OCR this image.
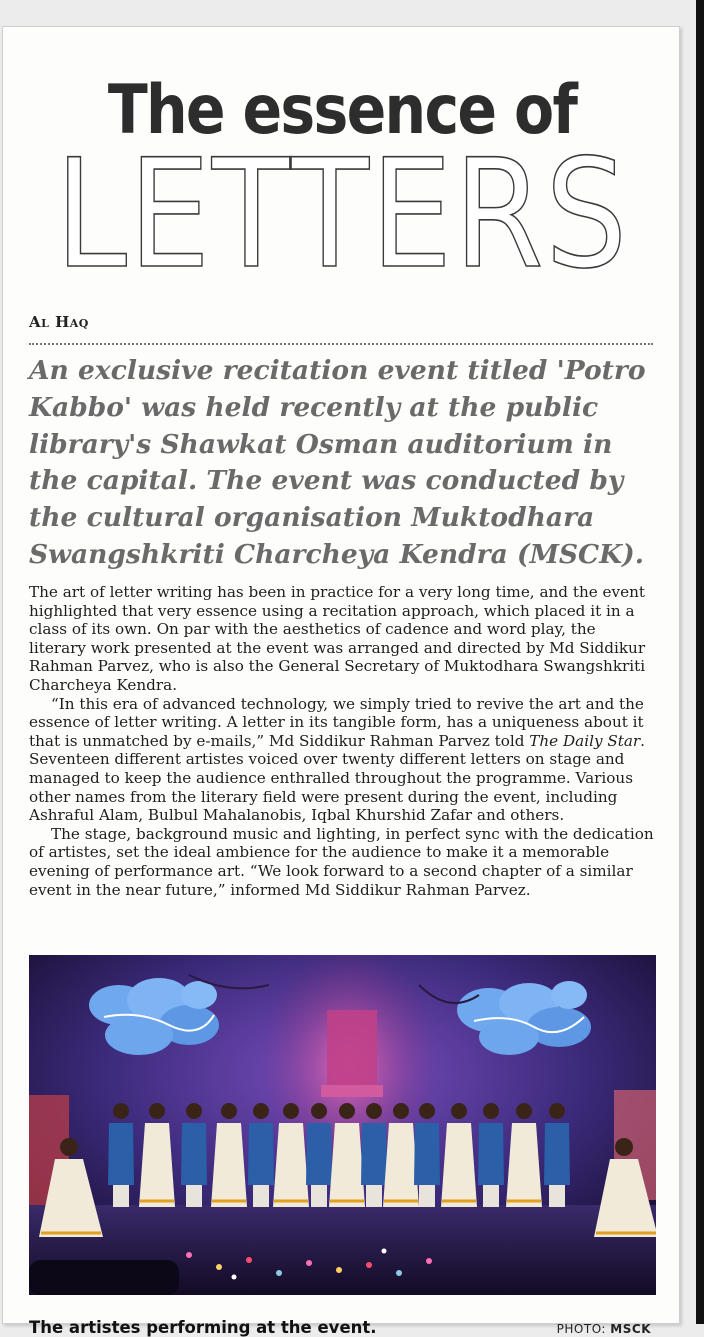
The essence of
LETTERS
Al Haq
An exclusive recitation event titled 'Potro Kabbo' was held recently at the public library's Shawkat Osman auditorium in the capital. The event was conducted by the cultural organisation Muktodhara Swangshkriti Charcheya Kendra (MSCK).

The art of letter writing has been in practice for a very long time, and the event highlighted that very essence using a recitation approach, which placed it in a class of its own. On par with the aesthetics of cadence and word play, the literary work presented at the event was arranged and directed by Md Siddikur Rahman Parvez, who is also the General Secretary of Muktodhara Swangshkriti Charcheya Kendra.

“In this era of advanced technology, we simply tried to revive the art and the essence of letter writing. A letter in its tangible form, has a uniqueness about it that is unmatched by e-mails,” Md Siddikur Rahman Parvez told The Daily Star. Seventeen different artistes voiced over twenty different letters on stage and managed to keep the audience enthralled throughout the programme. Various other names from the literary field were present during the event, including Ashraful Alam, Bulbul Mahalanobis, Iqbal Khurshid Zafar and others.

The stage, background music and lighting, in perfect sync with the dedication of artistes, set the ideal ambience for the audience to make it a memorable evening of performance art. “We look forward to a second chapter of a similar event in the near future,” informed Md Siddikur Rahman Parvez.

The artistes performing at the event.	PHOTO: MSCK
